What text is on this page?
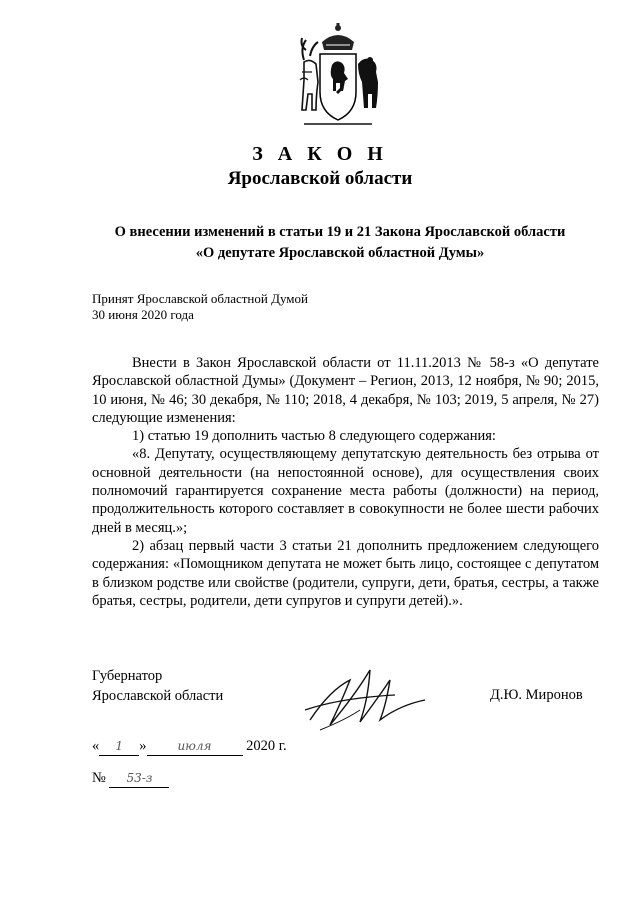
З А К О Н
Ярославской области
О внесении изменений в статьи 19 и 21 Закона Ярославской области
«О депутате Ярославской областной Думы»
Принят Ярославской областной Думой
30 июня 2020 года

Внести в Закон Ярославской области от 11.11.2013 № 58-з «О депутате Ярославской областной Думы» (Документ – Регион, 2013, 12 ноября, № 90; 2015, 10 июня, № 46; 30 декабря, № 110; 2018, 4 декабря, № 103; 2019, 5 апреля, № 27) следующие изменения:

1) статью 19 дополнить частью 8 следующего содержания:

«8. Депутату, осуществляющему депутатскую деятельность без отрыва от основной деятельности (на непостоянной основе), для осуществления своих полномочий гарантируется сохранение места работы (должности) на период, продолжительность которого составляет в совокупности не более шести рабочих дней в месяц.»;

2) абзац первый части 3 статьи 21 дополнить предложением следующего содержания: «Помощником депутата не может быть лицо, состоящее с депутатом в близком родстве или свойстве (родители, супруги, дети, братья, сестры, а также братья, сестры, родители, дети супругов и супруги детей).».

Губернатор
Ярославской области	Д.Ю. Миронов
« 1 »	июля 2020 г.
№ 53-з
